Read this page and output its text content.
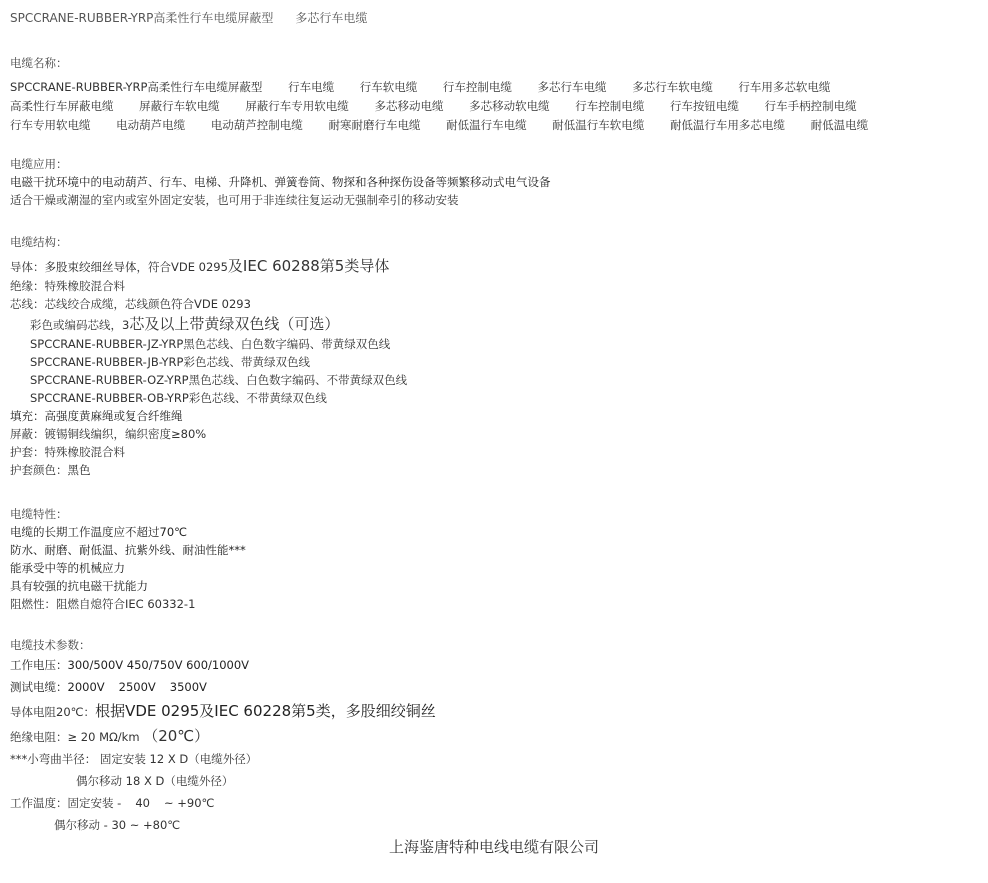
SPCCRANE-RUBBER-YRP高柔性行车电缆屏蔽型 多芯行车电缆
电缆名称：
SPCCRANE-RUBBER-YRP高柔性行车电缆屏蔽型 行车电缆 行车软电缆 行车控制电缆 多芯行车电缆 多芯行车软电缆 行车用多芯软电缆 高柔性行车屏蔽电缆 屏蔽行车软电缆 屏蔽行车专用软电缆 多芯移动电缆 多芯移动软电缆 行车控制电缆 行车按钮电缆 行车手柄控制电缆 行车专用软电缆 电动葫芦电缆 电动葫芦控制电缆 耐寒耐磨行车电缆 耐低温行车电缆 耐低温行车软电缆 耐低温行车用多芯电缆 耐低温电缆
电缆应用：
电磁干扰环境中的电动葫芦、行车、电梯、升降机、弹簧卷筒、物探和各种探伤设备等频繁移动式电气设备
适合干燥或潮湿的室内或室外固定安装，也可用于非连续往复运动无强制牵引的移动安装
电缆结构：
导体：多股束绞细丝导体，符合VDE 0295及IEC 60288第5类导体
绝缘：特殊橡胶混合料
芯线：芯线绞合成缆，芯线颜色符合VDE 0293
彩色或编码芯线，3芯及以上带黄绿双色线（可选）
SPCCRANE-RUBBER-JZ-YRP黑色芯线、白色数字编码、带黄绿双色线
SPCCRANE-RUBBER-JB-YRP彩色芯线、带黄绿双色线
SPCCRANE-RUBBER-OZ-YRP黑色芯线、白色数字编码、不带黄绿双色线
SPCCRANE-RUBBER-OB-YRP彩色芯线、不带黄绿双色线
填充：高强度黄麻绳或复合纤维绳
屏蔽：镀锡铜线编织，编织密度≥80%
护套：特殊橡胶混合料
护套颜色：黑色
电缆特性：
电缆的长期工作温度应不超过70℃
防水、耐磨、耐低温、抗紫外线、耐油性能***
能承受中等的机械应力
具有较强的抗电磁干扰能力
阻燃性：阻燃自熄符合IEC 60332-1
电缆技术参数：
工作电压：300/500V 450/750V 600/1000V
测试电缆：2000V 2500V 3500V
导体电阻20℃：根据VDE 0295及IEC 60228第5类，多股细绞铜丝
绝缘电阻：≥ 20 MΩ/km （20℃）
***小弯曲半径： 固定安装 12 X D（电缆外径）
偶尔移动 18 X D（电缆外径）
工作温度：固定安装 - 40 ~ +90℃
偶尔移动 - 30 ~ +80℃
上海鉴唐特种电线电缆有限公司
